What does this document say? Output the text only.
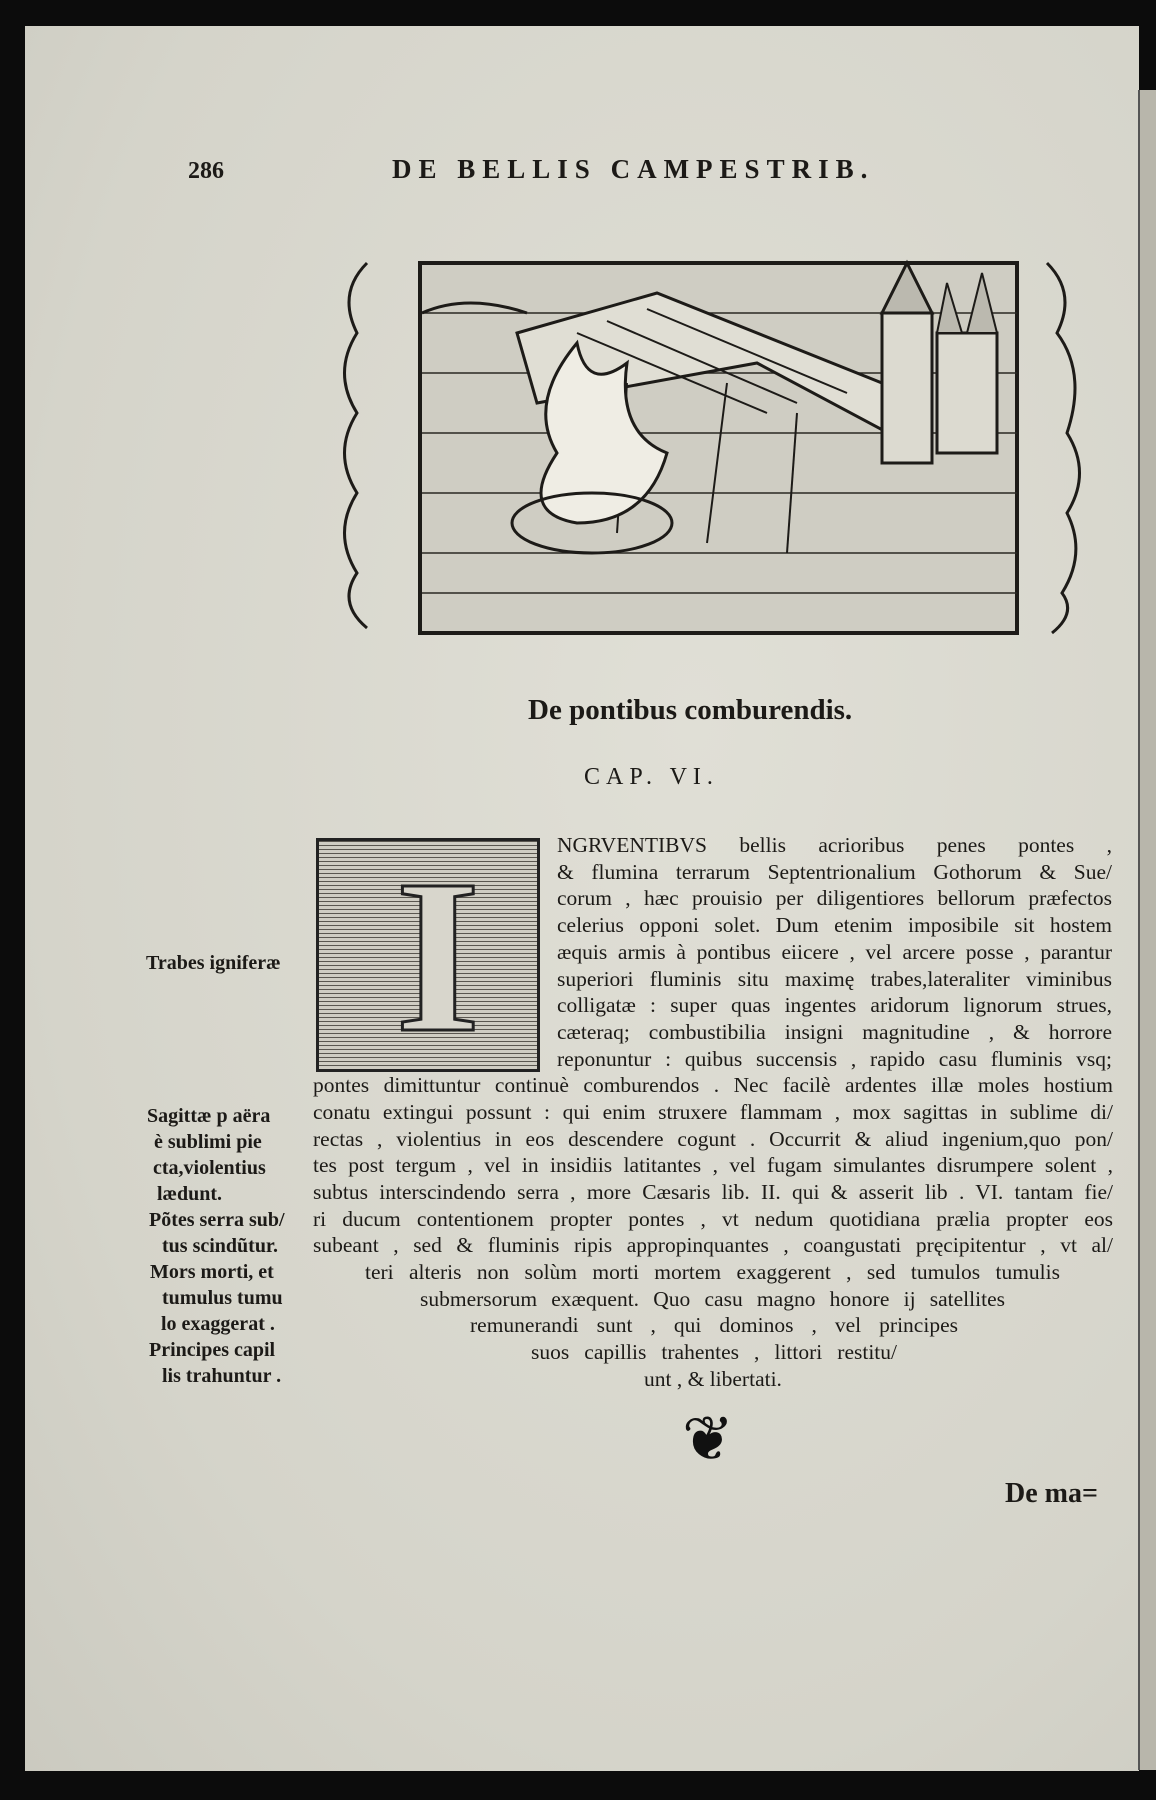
286	DE BELLIS CAMPESTRIB.
De pontibus comburendis.
CAP. VI.
I	NGRVENTIBVS bellis acrioribus penes pontes ,
& flumina terrarum Septentrionalium Gothorum & Sue/
corum , hæc prouisio per diligentiores bellorum præfectos
celerius opponi solet. Dum etenim imposibile sit hostem
æquis armis à pontibus eiicere , vel arcere posse , parantur
superiori fluminis situ maximę trabes,lateraliter viminibus
colligatæ : super quas ingentes aridorum lignorum strues,
cæteraq; combustibilia insigni magnitudine , & horrore
reponuntur : quibus succensis , rapido casu fluminis vsq;
pontes dimittuntur continuè comburendos . Nec facilè ardentes illæ moles hostium
conatu extingui possunt : qui enim struxere flammam , mox sagittas in sublime di/
rectas , violentius in eos descendere cogunt . Occurrit & aliud ingenium,quo pon/
tes post tergum , vel in insidiis latitantes , vel fugam simulantes disrumpere solent ,
subtus interscindendo serra , more Cæsaris lib. II. qui & asserit lib . VI. tantam fie/
ri ducum contentionem propter pontes , vt nedum quotidiana prælia propter eos
subeant , sed & fluminis ripis appropinquantes , coangustati pręcipitentur , vt al/
teri alteris non solùm morti mortem exaggerent , sed tumulos tumulis
submersorum exæquent. Quo casu magno honore ij satellites
remunerandi sunt , qui dominos , vel principes
suos capillis trahentes , littori restitu/
unt , & libertati.
Trabes igniferæ
Sagittæ p aëra
è sublimi pie
cta,violentius
lædunt.
Põtes serra sub/
tus scindũtur.
Mors morti, et
tumulus tumu
lo exaggerat .
Principes capil
lis trahuntur .
❦
De ma=
